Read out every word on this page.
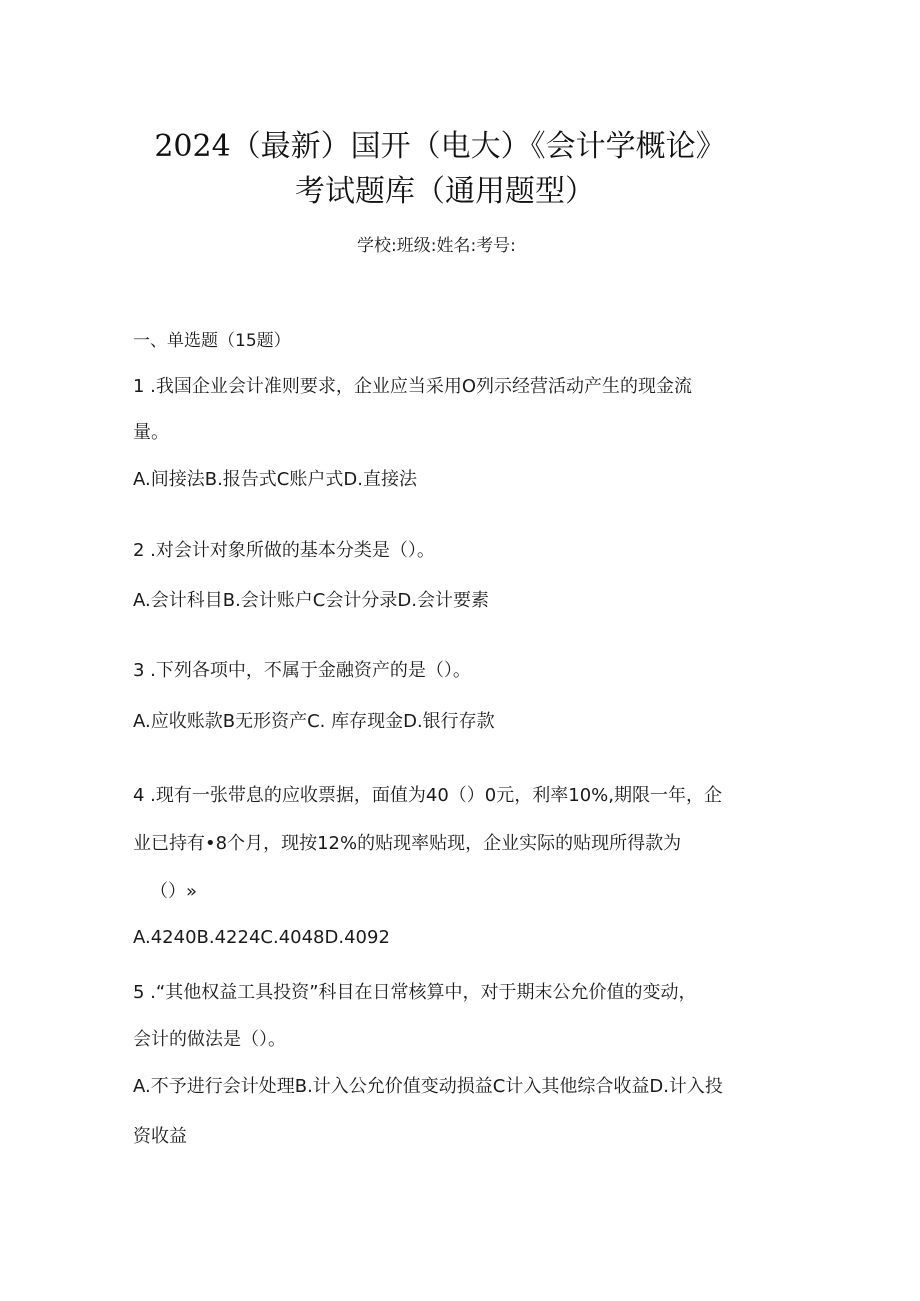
2024（最新）国开（电大）《会计学概论》
考试题库（通用题型）
学校:班级:姓名:考号:
一、单选题（15题）
1 .我国企业会计准则要求，企业应当采用O列示经营活动产生的现金流
量。
A.间接法B.报告式C账户式D.直接法
2 .对会计对象所做的基本分类是（）。
A.会计科目B.会计账户C会计分录D.会计要素
3 .下列各项中，不属于金融资产的是（）。
A.应收账款B无形资产C. 库存现金D.银行存款
4 .现有一张带息的应收票据，面值为40（）0元，利率10%,期限一年，企
业已持有•8个月，现按12%的贴现率贴现，企业实际的贴现所得款为
（）»
A.4240B.4224C.4048D.4092
5 .“其他权益工具投资”科目在日常核算中，对于期末公允价值的变动，
会计的做法是（）。
A.不予进行会计处理B.计入公允价值变动损益C计入其他综合收益D.计入投
资收益
